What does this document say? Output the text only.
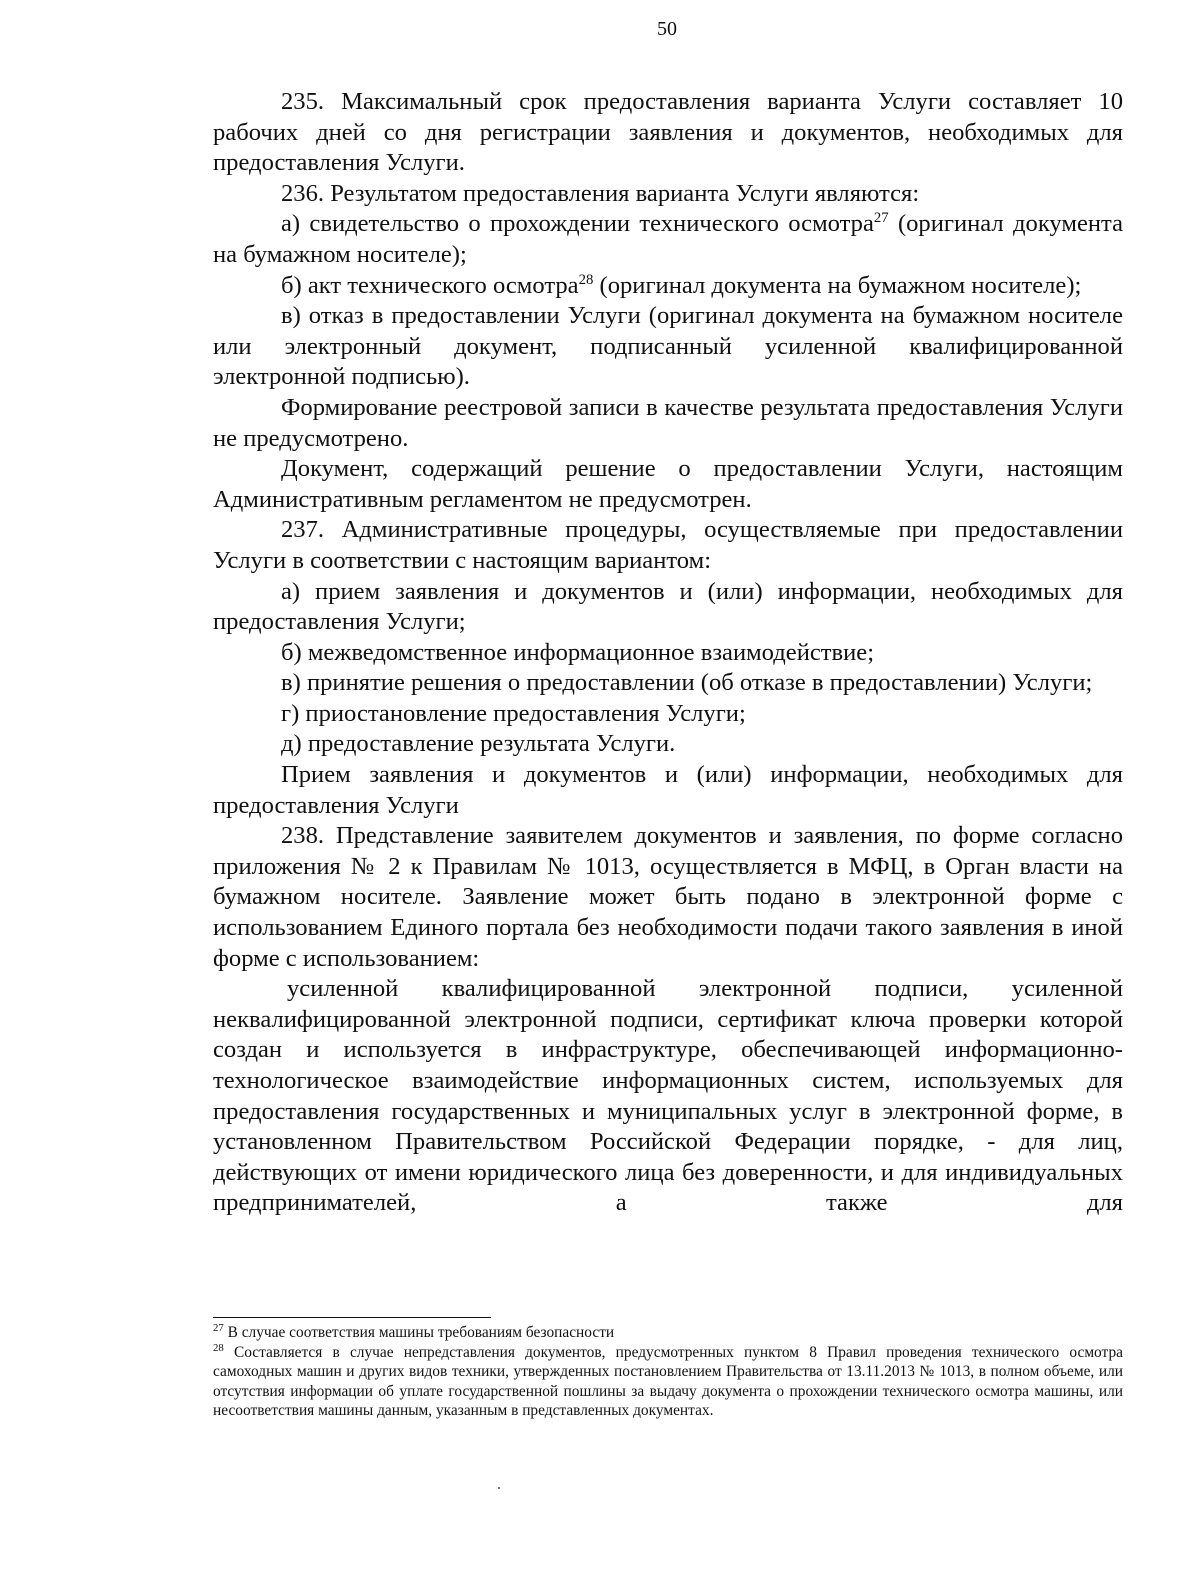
50

235. Максимальный срок предоставления варианта Услуги составляет 10 рабочих дней со дня регистрации заявления и документов, необходимых для предоставления Услуги.

236. Результатом предоставления варианта Услуги являются:

а) свидетельство о прохождении технического осмотра$^{27}$ (оригинал документа на бумажном носителе);

б) акт технического осмотра$^{28}$ (оригинал документа на бумажном носителе);

в) отказ в предоставлении Услуги (оригинал документа на бумажном носителе или электронный документ, подписанный усиленной квалифицированной электронной подписью).

Формирование реестровой записи в качестве результата предоставления Услуги не предусмотрено.

Документ, содержащий решение о предоставлении Услуги, настоящим Административным регламентом не предусмотрен.

237. Административные процедуры, осуществляемые при предоставлении Услуги в соответствии с настоящим вариантом:

а) прием заявления и документов и (или) информации, необходимых для предоставления Услуги;

б) межведомственное информационное взаимодействие;

в) принятие решения о предоставлении (об отказе в предоставлении) Услуги;

г) приостановление предоставления Услуги;

д) предоставление результата Услуги.

Прием заявления и документов и (или) информации, необходимых для предоставления Услуги

238. Представление заявителем документов и заявления, по форме согласно приложения № 2 к Правилам № 1013, осуществляется в МФЦ, в Орган власти на бумажном носителе. Заявление может быть подано в электронной форме с использованием Единого портала без необходимости подачи такого заявления в иной форме с использованием:

усиленной квалифицированной электронной подписи, усиленной неквалифицированной электронной подписи, сертификат ключа проверки которой создан и используется в инфраструктуре, обеспечивающей информационно-технологическое взаимодействие информационных систем, используемых для предоставления государственных и муниципальных услуг в электронной форме, в установленном Правительством Российской Федерации порядке, - для лиц, действующих от имени юридического лица без доверенности, и для индивидуальных предпринимателей, а также для

$^{27}$ В случае соответствия машины требованиям безопасности

$^{28}$ Составляется в случае непредставления документов, предусмотренных пунктом 8 Правил проведения технического осмотра самоходных машин и других видов техники, утвержденных постановлением Правительства от 13.11.2013 № 1013, в полном объеме, или отсутствия информации об уплате государственной пошлины за выдачу документа о прохождении технического осмотра машины, или несоответствия машины данным, указанным в представленных документах.
